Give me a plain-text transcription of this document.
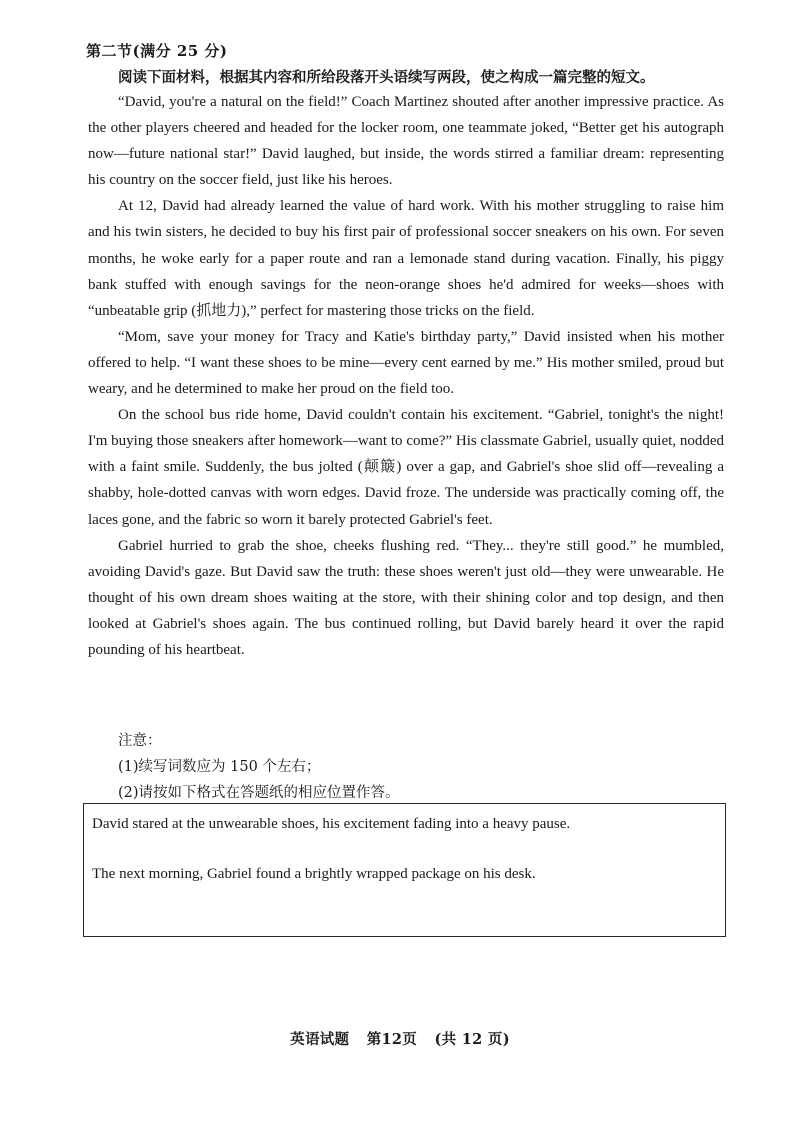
第二节(满分 25 分)
阅读下面材料，根据其内容和所给段落开头语续写两段，使之构成一篇完整的短文。

“David, you're a natural on the field!” Coach Martinez shouted after another impressive practice. As the other players cheered and headed for the locker room, one teammate joked, “Better get his autograph now—future national star!” David laughed, but inside, the words stirred a familiar dream: representing his country on the soccer field, just like his heroes.

At 12, David had already learned the value of hard work. With his mother struggling to raise him and his twin sisters, he decided to buy his first pair of professional soccer sneakers on his own. For seven months, he woke early for a paper route and ran a lemonade stand during vacation. Finally, his piggy bank stuffed with enough savings for the neon-orange shoes he'd admired for weeks—shoes with “unbeatable grip (抓地力),” perfect for mastering those tricks on the field.

“Mom, save your money for Tracy and Katie's birthday party,” David insisted when his mother offered to help. “I want these shoes to be mine—every cent earned by me.” His mother smiled, proud but weary, and he determined to make her proud on the field too.

On the school bus ride home, David couldn't contain his excitement. “Gabriel, tonight's the night! I'm buying those sneakers after homework—want to come?” His classmate Gabriel, usually quiet, nodded with a faint smile. Suddenly, the bus jolted (颠簸) over a gap, and Gabriel's shoe slid off—revealing a shabby, hole-dotted canvas with worn edges. David froze. The underside was practically coming off, the laces gone, and the fabric so worn it barely protected Gabriel's feet.

Gabriel hurried to grab the shoe, cheeks flushing red. “They... they're still good.” he mumbled, avoiding David's gaze. But David saw the truth: these shoes weren't just old—they were unwearable. He thought of his own dream shoes waiting at the store, with their shining color and top design, and then looked at Gabriel's shoes again. The bus continued rolling, but David barely heard it over the rapid pounding of his heartbeat.

注意：
(1)续写词数应为 150 个左右；
(2)请按如下格式在答题纸的相应位置作答。
David stared at the unwearable shoes, his excitement fading into a heavy pause.
The next morning, Gabriel found a brightly wrapped package on his desk.
英语试题 第12页 (共 12 页)
